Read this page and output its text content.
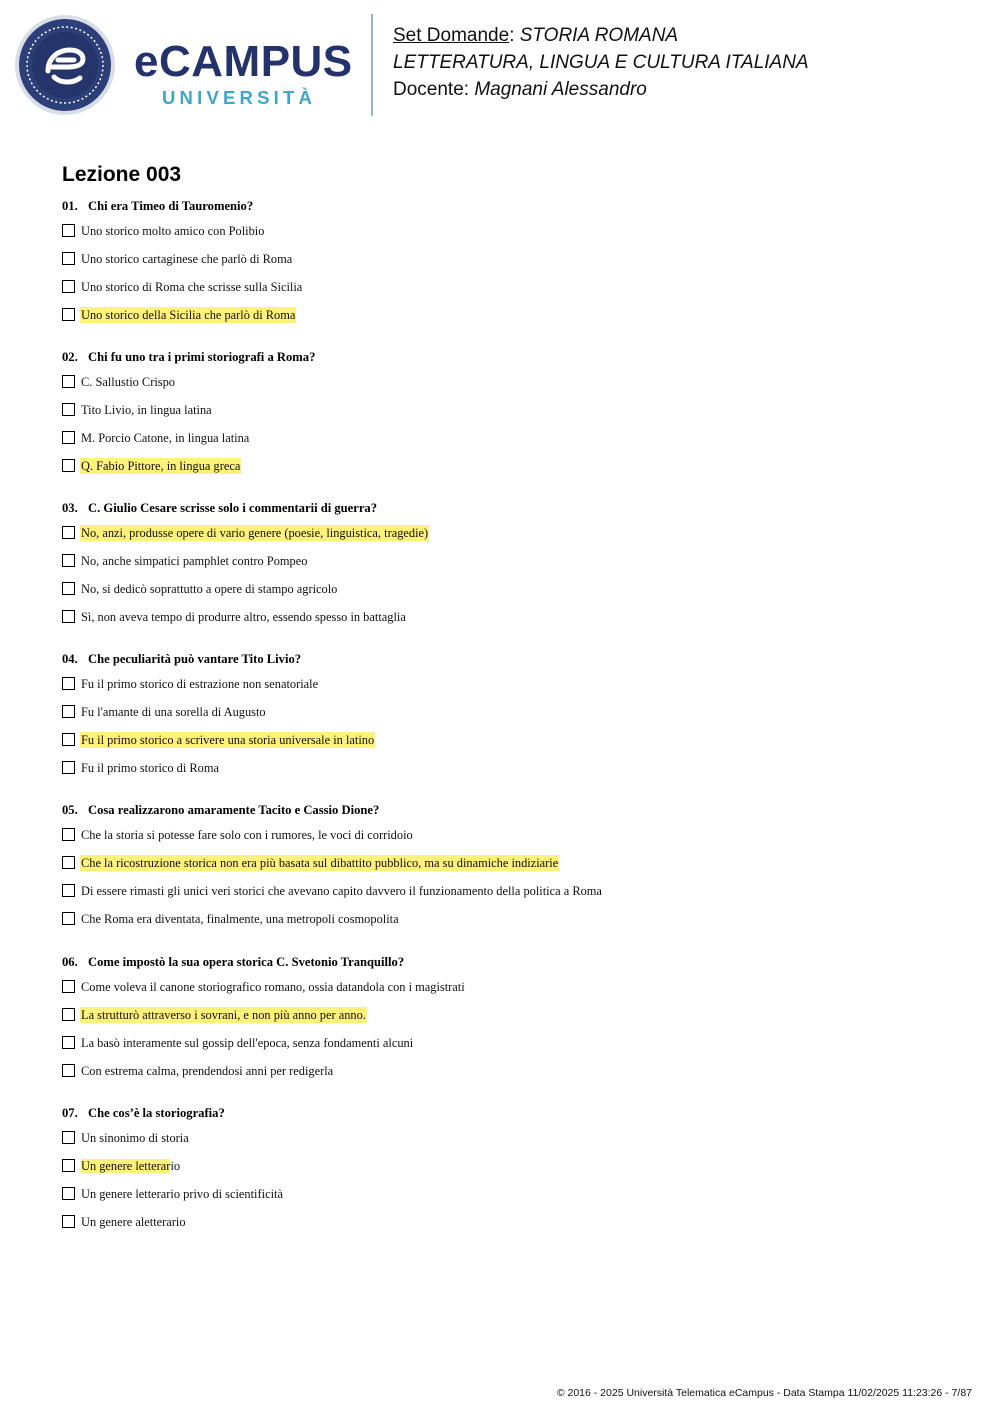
eCAMPUS
UNIVERSITÀ
Set Domande: STORIA ROMANA
LETTERATURA, LINGUA E CULTURA ITALIANA
Docente: Magnani Alessandro
Lezione 003
01. Chi era Timeo di Tauromenio?
Uno storico molto amico con Polibio
Uno storico cartaginese che parlò di Roma
Uno storico di Roma che scrisse sulla Sicilia
Uno storico della Sicilia che parlò di Roma
02. Chi fu uno tra i primi storiografi a Roma?
C. Sallustio Crispo
Tito Livio, in lingua latina
M. Porcio Catone, in lingua latina
Q. Fabio Pittore, in lingua greca
03. C. Giulio Cesare scrisse solo i commentarii di guerra?
No, anzi, produsse opere di vario genere (poesie, linguistica, tragedie)
No, anche simpatici pamphlet contro Pompeo
No, si dedicò soprattutto a opere di stampo agricolo
Sì, non aveva tempo di produrre altro, essendo spesso in battaglia
04. Che peculiarità può vantare Tito Livio?
Fu il primo storico di estrazione non senatoriale
Fu l'amante di una sorella di Augusto
Fu il primo storico a scrivere una storia universale in latino
Fu il primo storico di Roma
05. Cosa realizzarono amaramente Tacito e Cassio Dione?
Che la storia si potesse fare solo con i rumores, le voci di corridoio
Che la ricostruzione storica non era più basata sul dibattito pubblico, ma su dinamiche indiziarie
Di essere rimasti gli unici veri storici che avevano capito davvero il funzionamento della politica a Roma
Che Roma era diventata, finalmente, una metropoli cosmopolita
06. Come impostò la sua opera storica C. Svetonio Tranquillo?
Come voleva il canone storiografico romano, ossia datandola con i magistrati
La strutturò attraverso i sovrani, e non più anno per anno.
La basò interamente sul gossip dell'epoca, senza fondamenti alcuni
Con estrema calma, prendendosi anni per redigerla
07. Che cos’è la storiografia?
Un sinonimo di storia
Un genere letterario
Un genere letterario privo di scientificità
Un genere aletterario
© 2016 - 2025 Università Telematica eCampus - Data Stampa 11/02/2025 11:23:26 - 7/87
